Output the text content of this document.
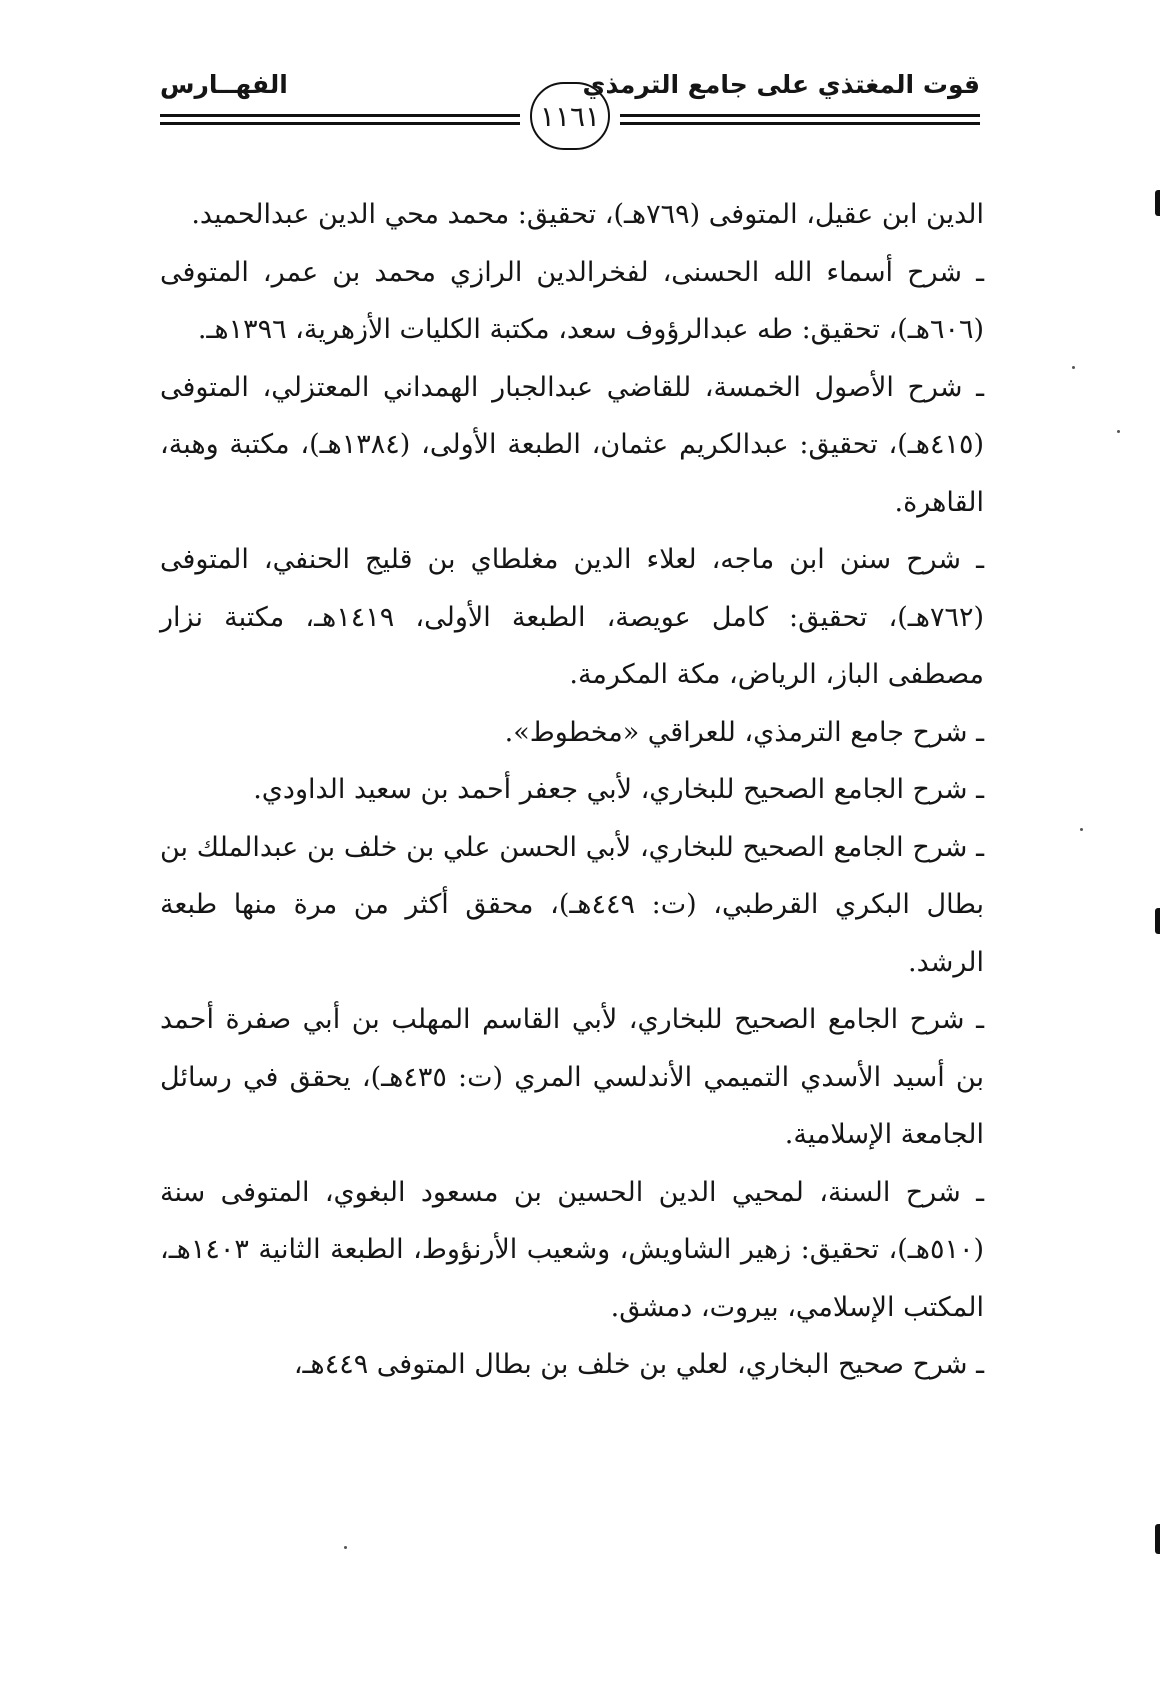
قوت المغتذي على جامع الترمذي
الفهــارس
١١٦١

الدين ابن عقيل، المتوفى (٧٦٩هـ)، تحقيق: محمد محي الدين عبدالحميد.

ـ شرح أسماء الله الحسنى، لفخرالدين الرازي محمد بن عمر، المتوفى (٦٠٦هـ)، تحقيق: طه عبدالرؤوف سعد، مكتبة الكليات الأزهرية، ١٣٩٦هـ.

ـ شرح الأصول الخمسة، للقاضي عبدالجبار الهمداني المعتزلي، المتوفى (٤١٥هـ)، تحقيق: عبدالكريم عثمان، الطبعة الأولى، (١٣٨٤هـ)، مكتبة وهبة، القاهرة.

ـ شرح سنن ابن ماجه، لعلاء الدين مغلطاي بن قليج الحنفي، المتوفى (٧٦٢هـ)، تحقيق: كامل عويصة، الطبعة الأولى، ١٤١٩هـ، مكتبة نزار مصطفى الباز، الرياض، مكة المكرمة.

ـ شرح جامع الترمذي، للعراقي «مخطوط».

ـ شرح الجامع الصحيح للبخاري، لأبي جعفر أحمد بن سعيد الداودي.

ـ شرح الجامع الصحيح للبخاري، لأبي الحسن علي بن خلف بن عبدالملك بن بطال البكري القرطبي، (ت: ٤٤٩هـ)، محقق أكثر من مرة منها طبعة الرشد.

ـ شرح الجامع الصحيح للبخاري، لأبي القاسم المهلب بن أبي صفرة أحمد بن أسيد الأسدي التميمي الأندلسي المري (ت: ٤٣٥هـ)، يحقق في رسائل الجامعة الإسلامية.

ـ شرح السنة، لمحيي الدين الحسين بن مسعود البغوي، المتوفى سنة (٥١٠هـ)، تحقيق: زهير الشاويش، وشعيب الأرنؤوط، الطبعة الثانية ١٤٠٣هـ، المكتب الإسلامي، بيروت، دمشق.

ـ شرح صحيح البخاري، لعلي بن خلف بن بطال المتوفى ٤٤٩هـ،
